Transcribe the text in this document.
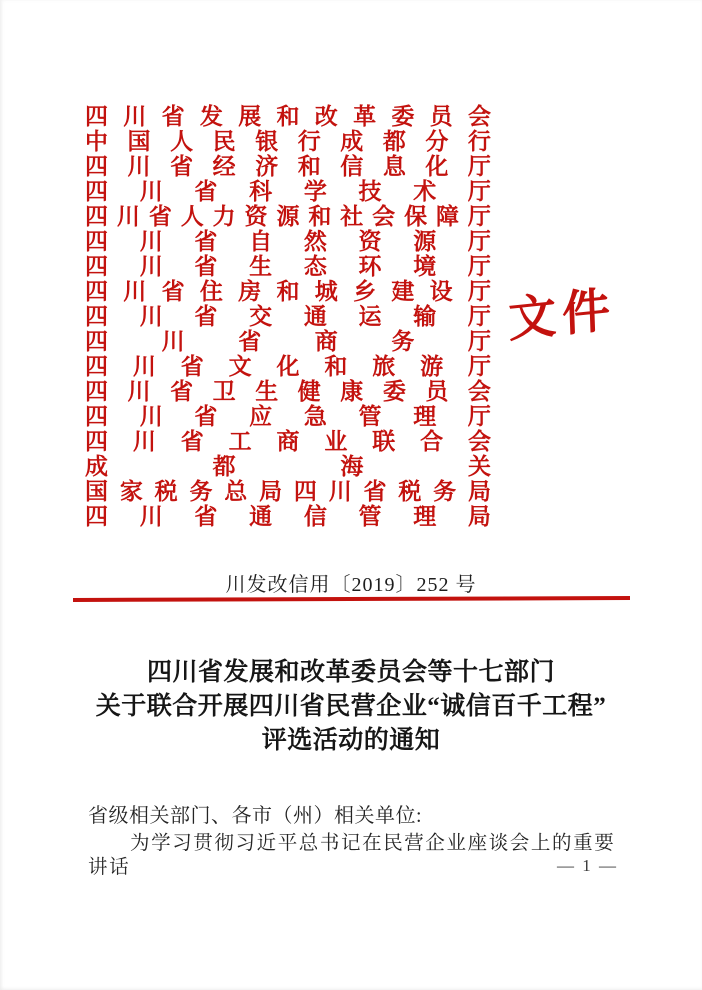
四 川 省 发 展 和 改 革 委 员 会
中 国 人 民 银 行 成 都 分 行
四 川 省 经 济 和 信 息 化 厅
四 川 省 科 学 技 术 厅
四 川 省 人 力 资 源 和 社 会 保 障 厅
四 川 省 自 然 资 源 厅
四 川 省 生 态 环 境 厅
四 川 省 住 房 和 城 乡 建 设 厅
四 川 省 交 通 运 输 厅
四 川 省 商 务 厅
四 川 省 文 化 和 旅 游 厅
四 川 省 卫 生 健 康 委 员 会
四 川 省 应 急 管 理 厅
四 川 省 工 商 业 联 合 会
成	都	海	关
国 家 税 务 总 局 四 川 省 税 务 局
四 川 省 通 信 管 理 局
文件
川发改信用〔2019〕252 号
四川省发展和改革委员会等十七部门
关于联合开展四川省民营企业“诚信百千工程”
评选活动的通知
省级相关部门、各市（州）相关单位:
为学习贯彻习近平总书记在民营企业座谈会上的重要讲话	— 1 —
